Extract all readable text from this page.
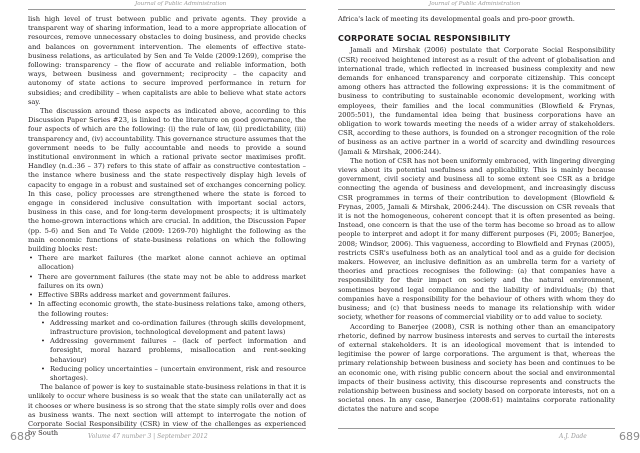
Journal of Public Administration

lish high level of trust between public and private agents. They provide a transparent way of sharing information, lead to a more appropriate allocation of resources, remove unnecessary obstacles to doing business, and provide checks and balances on government intervention. The elements of effective state-business relations, as articulated by Sen and Te Velde (2009:1269), comprise the following: transparency – the flow of accurate and reliable information, both ways, between business and government; reciprocity – the capacity and autonomy of state actions to secure improved performance in return for subsidies; and credibility – when capitalists are able to believe what state actors say.

The discussion around these aspects as indicated above, according to this Discussion Paper Series #23, is linked to the literature on good governance, the four aspects of which are the following: (i) the rule of law, (ii) predictability, (iii) transparency and, (iv) accountability. This governance structure assumes that the government needs to be fully accountable and needs to provide a sound institutional environment in which a rational private sector maximises profit. Handley (n.d.:36 – 37) refers to this state of affair as constructive contestation – the instance where business and the state respectively display high levels of capacity to engage in a robust and sustained set of exchanges concerning policy. In this case, policy processes are strengthened where the state is forced to engage in considered inclusive consultation with important social actors, business in this case, and for long-term development prospects; it is ultimately the home-grown interactions which are crucial. In addition, the Discussion Paper (pp. 5-6) and Sen and Te Velde (2009: 1269-70) highlight the following as the main economic functions of state-business relations on which the following building blocks rest:

• There are market failures (the market alone cannot achieve an optimal allocation)
• There are government failures (the state may not be able to address market failures on its own)
• Effective SBRs address market and government failures.
• In affecting economic growth, the state-business relations take, among others, the following routes:
• Addressing market and co-ordination failures (through skills development, infrastructure provision, technological development and patent laws)
• Addressing government failures – (lack of perfect information and foresight, moral hazard problems, misallocation and rent-seeking behaviour)
• Reducing policy uncertainties – (uncertain environment, risk and resource shortages).

The balance of power is key to sustainable state-business relations in that it is unlikely to occur where business is so weak that the state can unilaterally act as it chooses or where business is so strong that the state simply rolls over and does as business wants. The next section will attempt to interrogate the notion of Corporate Social Responsibility (CSR) in view of the challenges as experienced by South

688	Volume 47 number 3 | September 2012
Journal of Public Administration

Africa's lack of meeting its developmental goals and pro-poor growth.

CORPORATE SOCIAL RESPONSIBILITY

Jamali and Mirshak (2006) postulate that Corporate Social Responsibility (CSR) received heightened interest as a result of the advent of globalisation and international trade, which reflected in increased business complexity and new demands for enhanced transparency and corporate citizenship. This concept among others has attracted the following expressions: it is the commitment of business to contributing to sustainable economic development, working with employees, their families and the local communities (Blowfield & Frynas, 2005:501), the fundamental idea being that business corporations have an obligation to work towards meeting the needs of a wider array of stakeholders. CSR, according to these authors, is founded on a stronger recognition of the role of business as an active partner in a world of scarcity and dwindling resources (Jamali & Mirshak, 2006:244).

The notion of CSR has not been uniformly embraced, with lingering diverging views about its potential usefulness and applicability. This is mainly because government, civil society and business all to some extent see CSR as a bridge connecting the agenda of business and development, and increasingly discuss CSR programmes in terms of their contribution to development (Blowfield & Frynas, 2005, Jamali & Mirshak, 2006:244). The discussion on CSR reveals that it is not the homogeneous, coherent concept that it is often presented as being. Instead, one concern is that the use of the term has become so broad as to allow people to interpret and adopt it for many different purposes (Fi, 2005; Banerjee, 2008; Windsor, 2006). This vagueness, according to Blowfield and Frynas (2005), restricts CSR's usefulness both as an analytical tool and as a guide for decision makers. However, an inclusive definition as an umbrella term for a variety of theories and practices recognises the following: (a) that companies have a responsibility for their impact on society and the natural environment, sometimes beyond legal compliance and the liability of individuals; (b) that companies have a responsibility for the behaviour of others with whom they do business; and (c) that business needs to manage its relationship with wider society, whether for reasons of commercial viability or to add value to society.

According to Banerjee (2008), CSR is nothing other than an emancipatory rhetoric, defined by narrow business interests and serves to curtail the interests of external stakeholders. It is an ideological movement that is intended to legitimise the power of large corporations. The argument is that, whereas the primary relationship between business and society has been and continues to be an economic one, with rising public concern about the social and environmental impacts of their business activity, this discourse represents and constructs the relationship between business and society based on corporate interests, not on a societal ones. In any case, Banerjee (2008:61) maintains corporate rationality dictates the nature and scope

A.J. Dade	689
